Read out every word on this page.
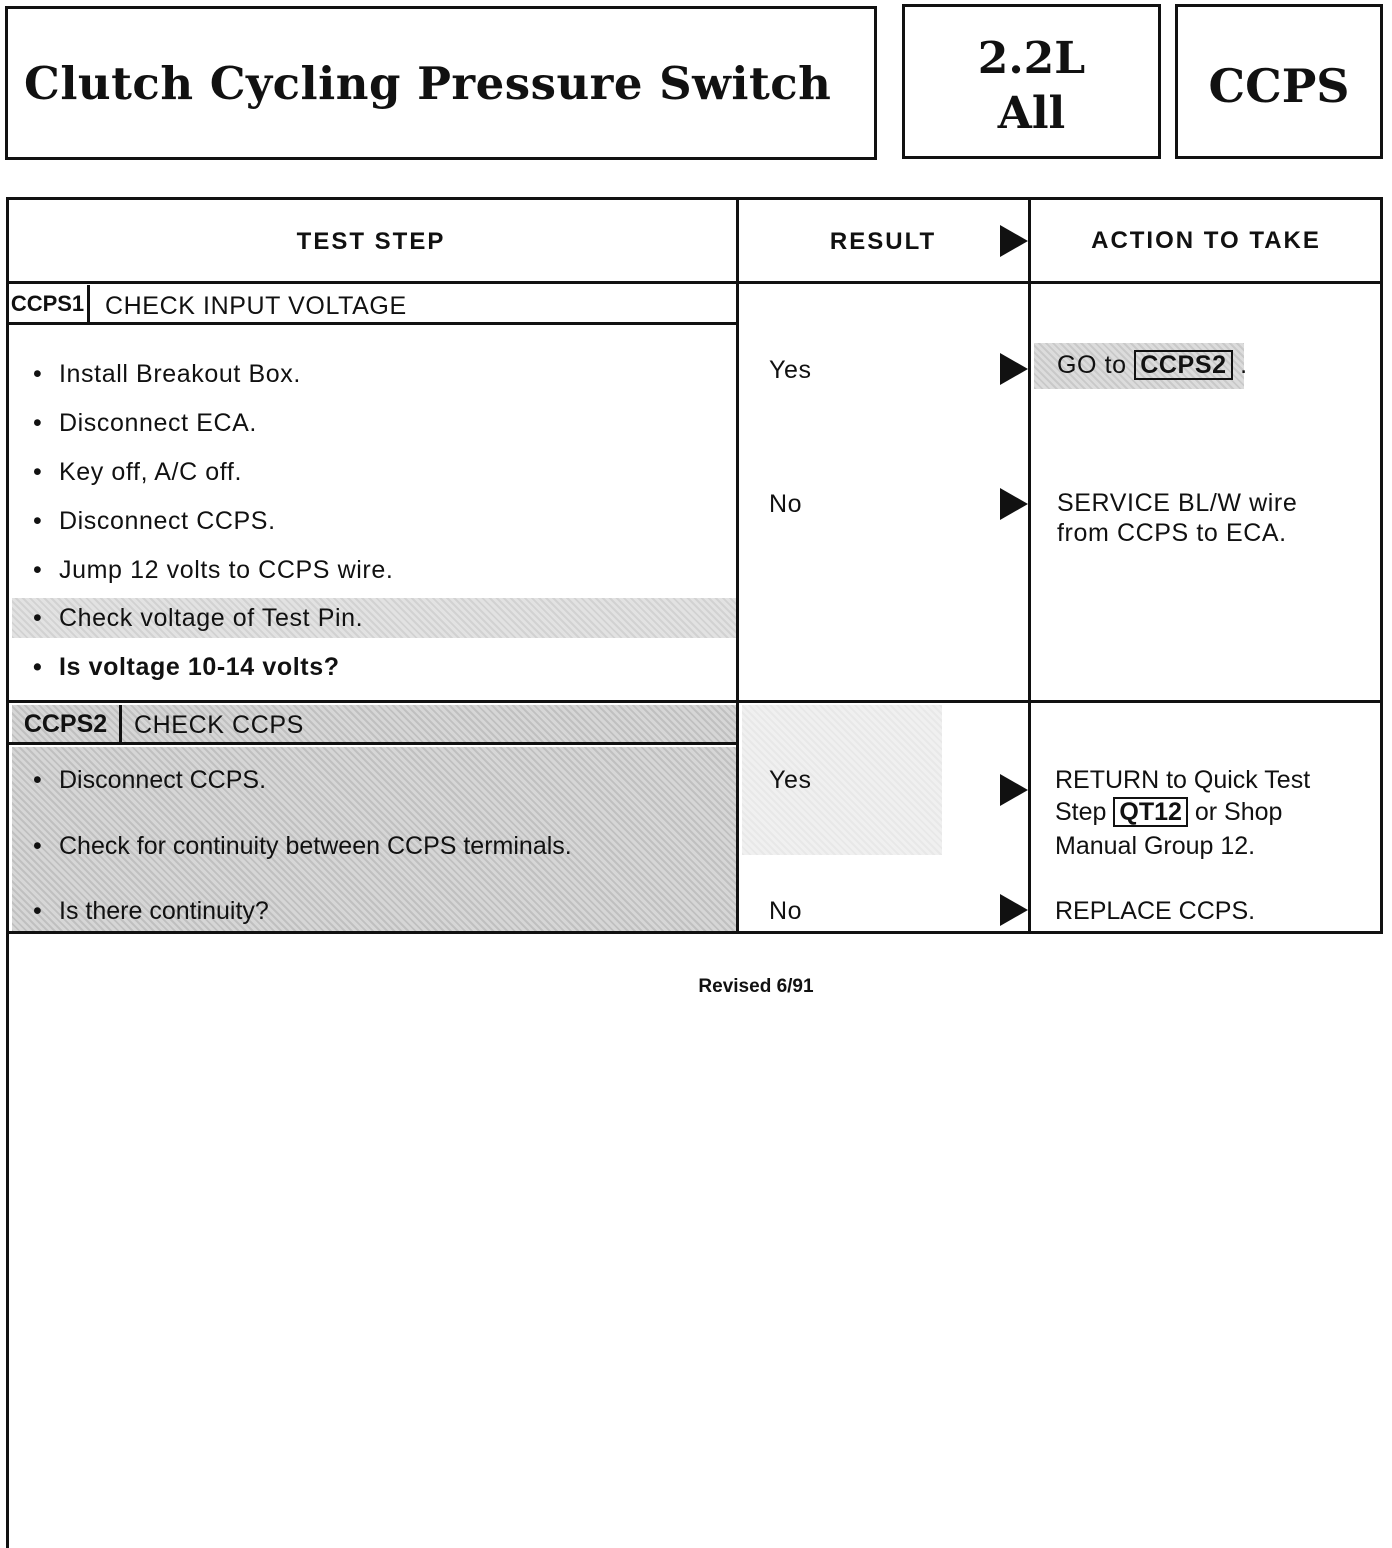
Clutch Cycling Pressure Switch	2.2L
All
CCPS
TEST STEP	RESULT	ACTION TO TAKE
CCPS1 CHECK INPUT VOLTAGE
• Install Breakout Box.
• Disconnect ECA.
• Key off, A/C off.
• Disconnect CCPS.
• Jump 12 volts to CCPS wire.
• Check voltage of Test Pin.
• Is voltage 10-14 volts?
Yes	GO to CCPS2 .
No	SERVICE BL/W wire
from CCPS to ECA.
CCPS2	CHECK CCPS
• Disconnect CCPS.
• Check for continuity between CCPS terminals.
• Is there continuity?
Yes	RETURN to Quick Test
Step QT12 or Shop
Manual Group 12.
No	REPLACE CCPS.
Revised 6/91
